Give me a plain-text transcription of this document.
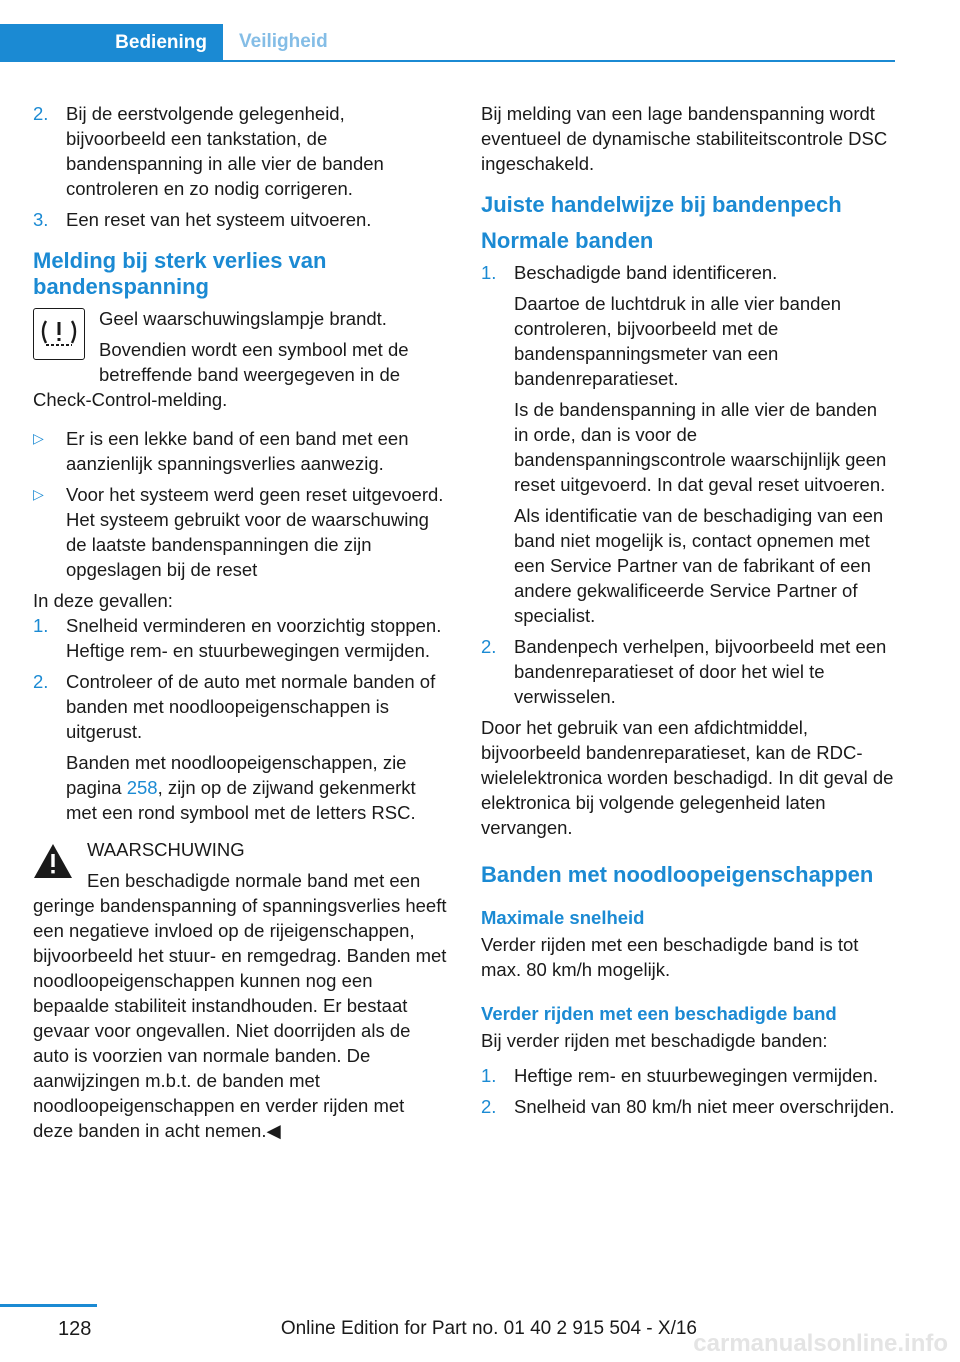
Bediening	Veiligheid
2. Bij de eerstvolgende gelegenheid, bijvoorbeeld een tankstation, de bandenspanning in alle vier de banden controleren en zo nodig corrigeren.

3. Een reset van het systeem uitvoeren.

Melding bij sterk verlies van bandenspanning

Geel waarschuwingslampje brandt.

Bovendien wordt een symbool met de betreffende band weergegeven in de Check-Control-melding.

▷	Er is een lekke band of een band met een aanzienlijk spanningsverlies aanwezig.

▷	Voor het systeem werd geen reset uitgevoerd. Het systeem gebruikt voor de waarschuwing de laatste bandenspanningen die zijn opgeslagen bij de reset

In deze gevallen:

1. Snelheid verminderen en voorzichtig stoppen. Heftige rem- en stuurbewegingen vermijden.

2. Controleer of de auto met normale banden of banden met noodloopeigenschappen is uitgerust.

Banden met noodloopeigenschappen, zie pagina 258, zijn op de zijwand gekenmerkt met een rond symbool met de letters RSC.

WAARSCHUWING

Een beschadigde normale band met een geringe bandenspanning of spanningsverlies heeft een negatieve invloed op de rijeigenschappen, bijvoorbeeld het stuur- en remgedrag. Banden met noodloopeigenschappen kunnen nog een bepaalde stabiliteit instandhouden. Er bestaat gevaar voor ongevallen. Niet doorrijden als de auto is voorzien van normale banden. De aanwijzingen m.b.t. de banden met noodloopeigenschappen en verder rijden met deze banden in acht nemen.◀

Bij melding van een lage bandenspanning wordt eventueel de dynamische stabiliteitscontrole DSC ingeschakeld.

Juiste handelwijze bij bandenpech
Normale banden
1. Beschadigde band identificeren.

Daartoe de luchtdruk in alle vier banden controleren, bijvoorbeeld met de bandenspanningsmeter van een bandenreparatieset.

Is de bandenspanning in alle vier de banden in orde, dan is voor de bandenspanningscontrole waarschijnlijk geen reset uitgevoerd. In dat geval reset uitvoeren.

Als identificatie van de beschadiging van een band niet mogelijk is, contact opnemen met een Service Partner van de fabrikant of een andere gekwalificeerde Service Partner of specialist.

2. Bandenpech verhelpen, bijvoorbeeld met een bandenreparatieset of door het wiel te verwisselen.

Door het gebruik van een afdichtmiddel, bijvoorbeeld bandenreparatieset, kan de RDC-wielelektronica worden beschadigd. In dit geval de elektronica bij volgende gelegenheid laten vervangen.

Banden met noodloopeigenschappen
Maximale snelheid

Verder rijden met een beschadigde band is tot max. 80 km/h mogelijk.

Verder rijden met een beschadigde band

Bij verder rijden met beschadigde banden:

1. Heftige rem- en stuurbewegingen vermijden.

2. Snelheid van 80 km/h niet meer overschrijden.

128
carmanualsonline.info
Online Edition for Part no. 01 40 2 915 504 - X/16
